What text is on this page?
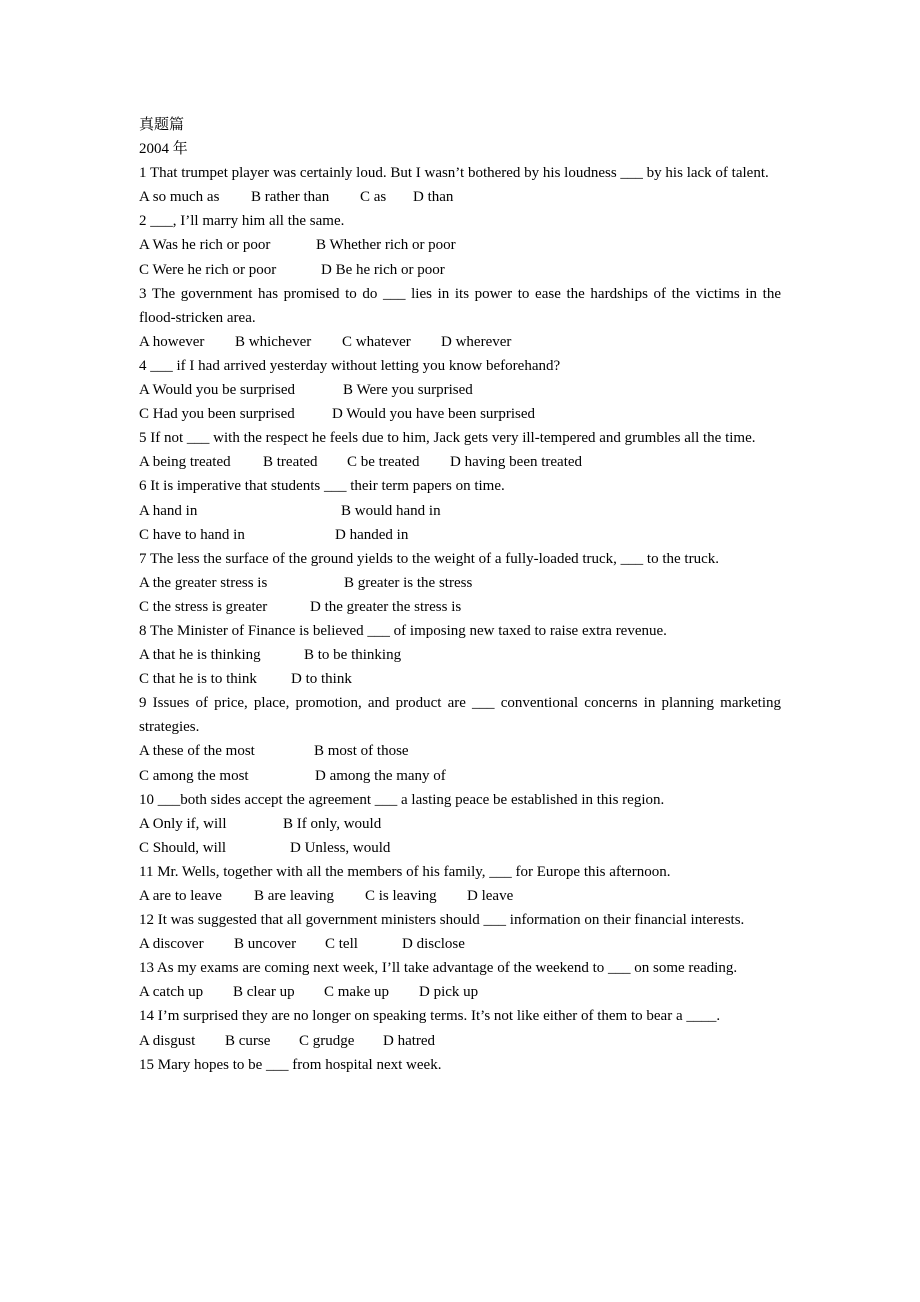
真题篇
2004 年
1 That trumpet player was certainly loud. But I wasn’t bothered by his loudness ___ by his lack of talent.
A so much as	B rather than	C as	D than
2 ___, I’ll marry him all the same.
A Was he rich or poor	B Whether rich or poor
C Were he rich or poor	D Be he rich or poor
3 The government has promised to do ___ lies in its power to ease the hardships of the victims in the flood-stricken area.
A however	B whichever	C whatever	D wherever
4 ___ if I had arrived yesterday without letting you know beforehand?
A Would you be surprised	B Were you surprised
C Had you been surprised	D Would you have been surprised
5 If not ___ with the respect he feels due to him, Jack gets very ill-tempered and grumbles all the time.
A being treated	B treated	C be treated	D having been treated
6 It is imperative that students ___ their term papers on time.
A hand in	B would hand in
C have to hand in	D handed in
7 The less the surface of the ground yields to the weight of a fully-loaded truck, ___ to the truck.
A the greater stress is	B greater is the stress
C the stress is greater	D the greater the stress is
8 The Minister of Finance is believed ___ of imposing new taxed to raise extra revenue.
A that he is thinking	B to be thinking
C that he is to think	D to think
9 Issues of price, place, promotion, and product are ___ conventional concerns in planning marketing strategies.
A these of the most	B most of those
C among the most	D among the many of
10 ___both sides accept the agreement ___ a lasting peace be established in this region.
A Only if, will	B If only, would
C Should, will	D Unless, would
11 Mr. Wells, together with all the members of his family, ___ for Europe this afternoon.
A are to leave	B are leaving	C is leaving	D leave
12 It was suggested that all government ministers should ___ information on their financial interests.
A discover	B uncover	C tell	D disclose
13 As my exams are coming next week, I’ll take advantage of the weekend to ___ on some reading.
A catch up	B clear up	C make up	D pick up
14 I’m surprised they are no longer on speaking terms. It’s not like either of them to bear a ____.
A disgust	B curse	C grudge	D hatred
15 Mary hopes to be ___ from hospital next week.
